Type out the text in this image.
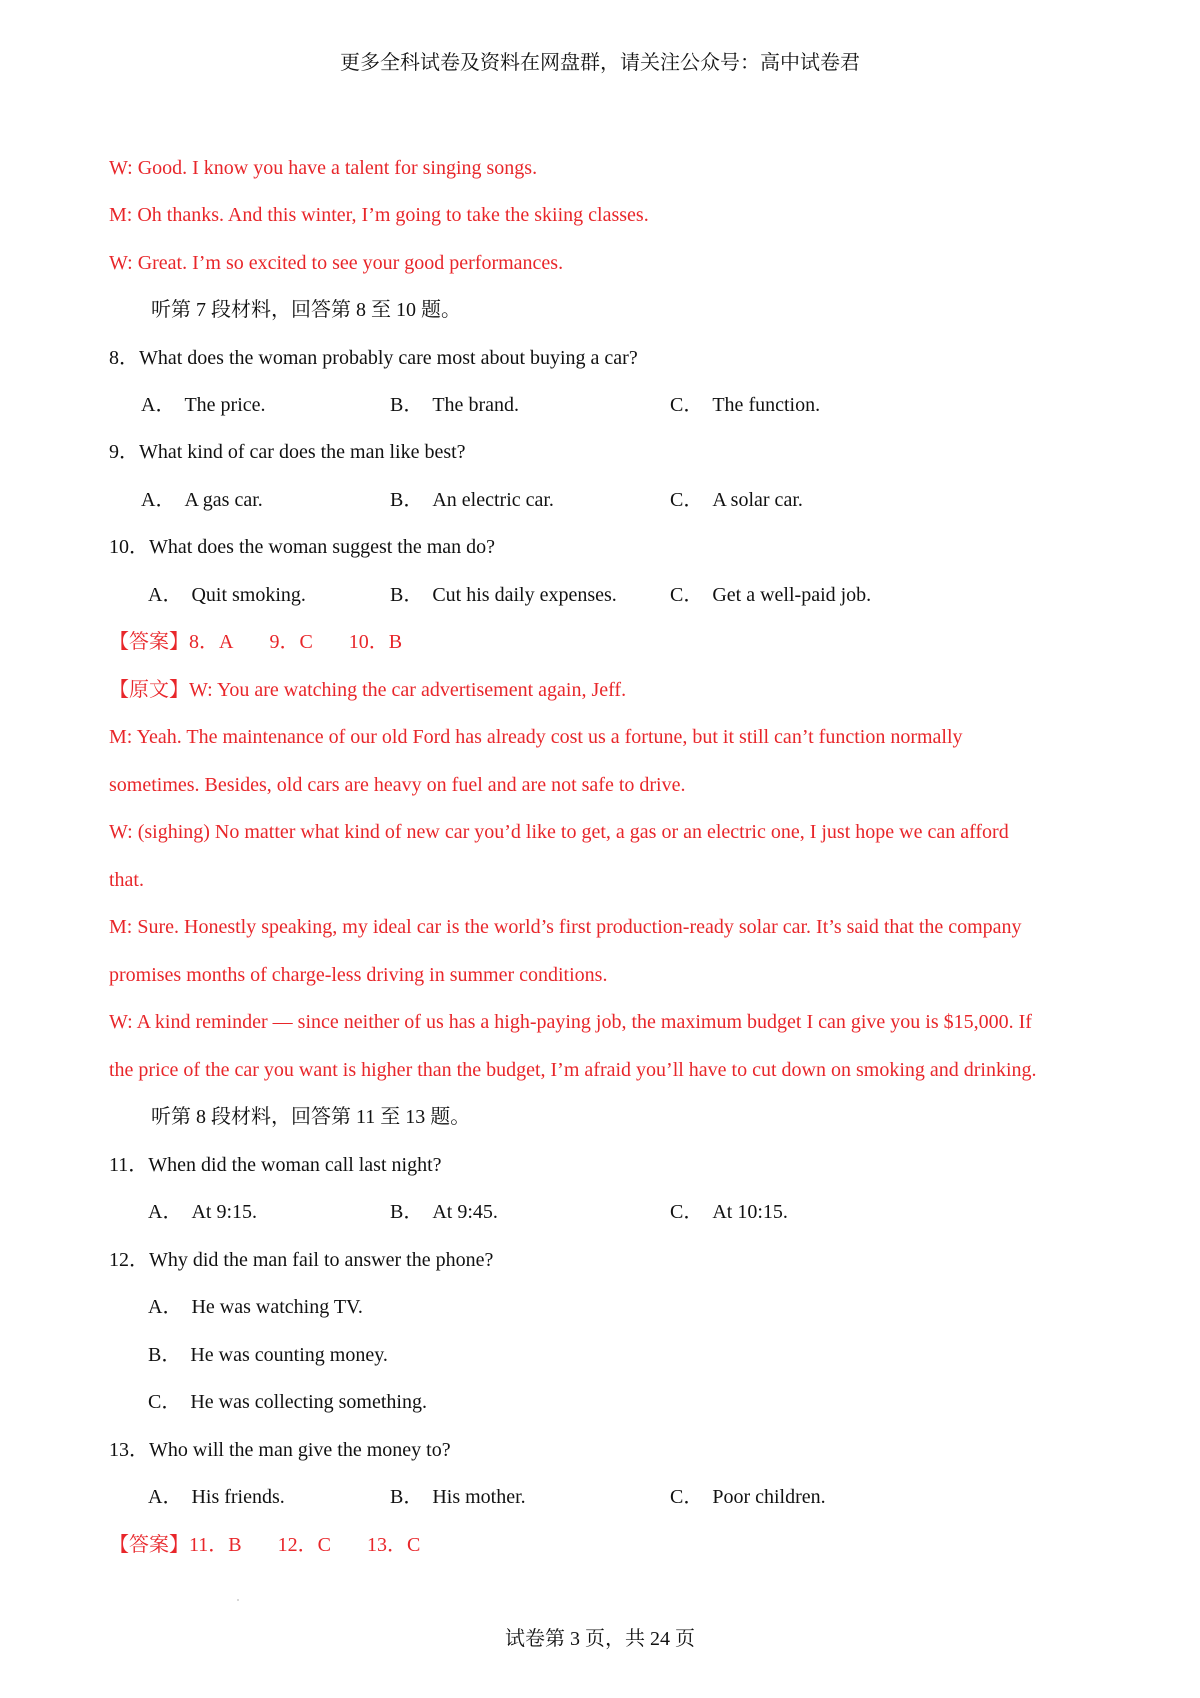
更多全科试卷及资料在网盘群，请关注公众号：高中试卷君
W: Good. I know you have a talent for singing songs.
M: Oh thanks. And this winter, I’m going to take the skiing classes.
W: Great. I’m so excited to see your good performances.
听第 7 段材料，回答第 8 至 10 题。
8．What does the woman probably care most about buying a car?
A． The price.	B． The brand.	C． The function.
9．What kind of car does the man like best?
A． A gas car.	B． An electric car.	C． A solar car.
10．What does the woman suggest the man do?
A． Quit smoking.	B． Cut his daily expenses.	C． Get a well-paid job.
【答案】8．A 9．C 10．B
【原文】W: You are watching the car advertisement again, Jeff.
M: Yeah. The maintenance of our old Ford has already cost us a fortune, but it still can’t function normally
sometimes. Besides, old cars are heavy on fuel and are not safe to drive.
W: (sighing) No matter what kind of new car you’d like to get, a gas or an electric one, I just hope we can afford
that.
M: Sure. Honestly speaking, my ideal car is the world’s first production-ready solar car. It’s said that the company
promises months of charge-less driving in summer conditions.
W: A kind reminder — since neither of us has a high-paying job, the maximum budget I can give you is $15,000. If
the price of the car you want is higher than the budget, I’m afraid you’ll have to cut down on smoking and drinking.
听第 8 段材料，回答第 11 至 13 题。
11．When did the woman call last night?
A． At 9:15.	B． At 9:45.	C． At 10:15.
12．Why did the man fail to answer the phone?
A． He was watching TV.
B． He was counting money.
C． He was collecting something.
13．Who will the man give the money to?
A． His friends.	B． His mother.	C． Poor children.
【答案】11．B 12．C 13．C
试卷第 3 页，共 24 页
